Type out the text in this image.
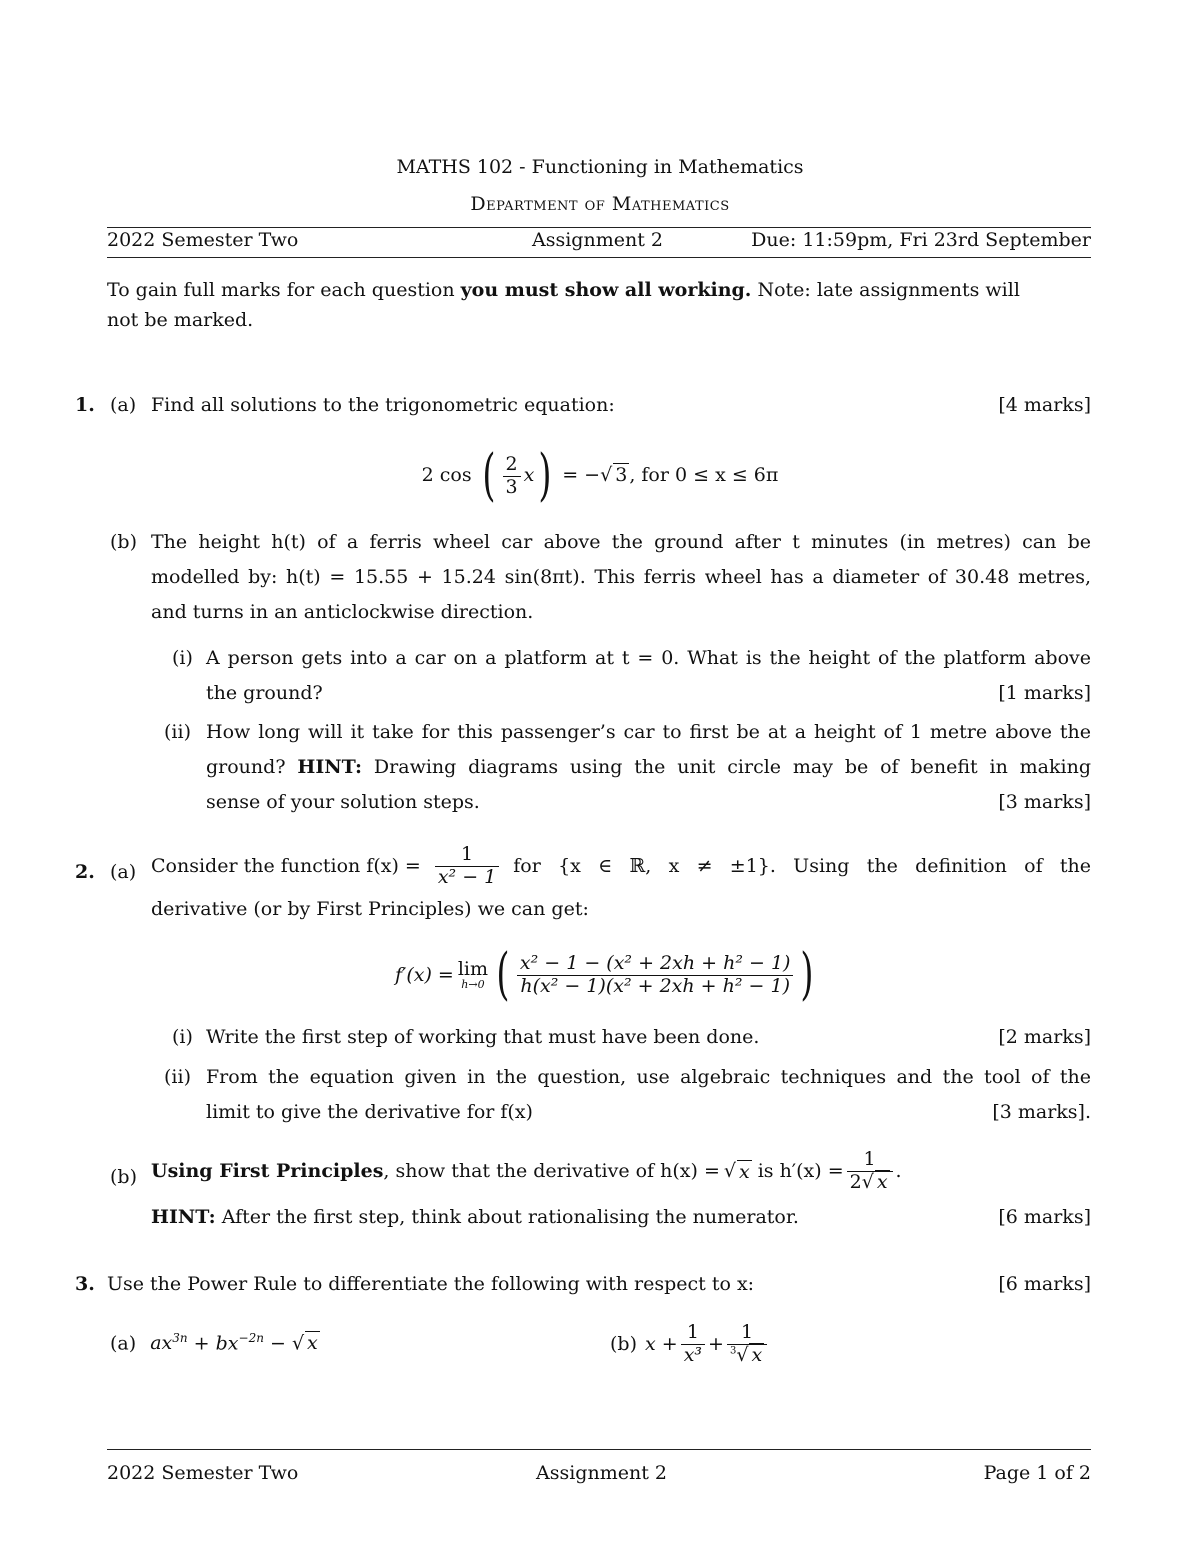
MATHS 102 - Functioning in Mathematics
Department of Mathematics
2022 Semester Two	Assignment 2	Due: 11:59pm, Fri 23rd September
To gain full marks for each question you must show all working. Note: late assignments will
not be marked.
1. (a) Find all solutions to the trigonometric equation:	[4 marks]
2 cos ( $\frac{2}{3} x$) = −√ 3 , for 0 ≤ x ≤ 6π
(b) The height h(t) of a ferris wheel car above the ground after t minutes (in metres) can be
modelled by: h(t) = 15.55 + 15.24 sin(8πt). This ferris wheel has a diameter of 30.48 metres,
and turns in an anticlockwise direction.
(i) A person gets into a car on a platform at t = 0. What is the height of the platform above
the ground?	[1 marks]
(ii) How long will it take for this passenger’s car to first be at a height of 1 metre above the
ground? HINT: Drawing diagrams using the unit circle may be of benefit in making
sense of your solution steps.	[3 marks]
2. (a) Consider the function $f(x) = \frac{1}{\text{x² − 1}}$ for {x ∈ ℝ, x ≠ ±1}. Using the definition of the
derivative (or by First Principles) we can get:
f′(x) = lim
h→0 ( $\frac{\text{x² − 1 − (x² + 2xh + h² − 1)}}{\text{h(x² − 1)(x² + 2xh + h² − 1)}}$ )
(i) Write the first step of working that must have been done.	[2 marks]
(ii) From the equation given in the question, use algebraic techniques and the tool of the
limit to give the derivative for f(x)	[3 marks].
(b) Using First Principles , show that the derivative of h(x) = √ x is $h'(x) = \frac{1}{2√ x}$ .
HINT: After the first step, think about rationalising the numerator.	[6 marks]
3. Use the Power Rule to differentiate the following with respect to x:	[6 marks]
(a) $ax^{3n} + bx^{-2n}$ − √ x	(b) $x + \frac{1}{\text{x³}} + \frac{1}{^3√ x}$
2022 Semester Two	Assignment 2	Page 1 of 2
